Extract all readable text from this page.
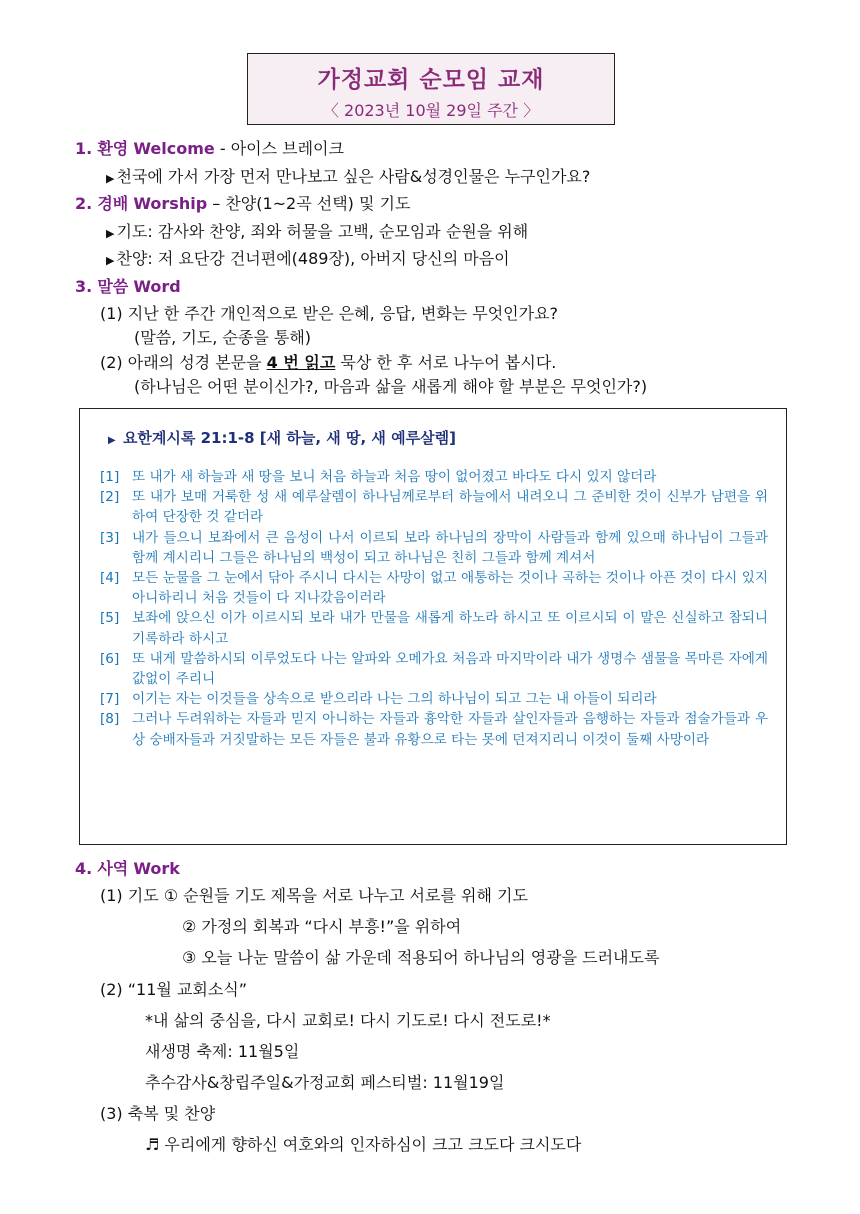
가정교회 순모임 교재
〈 2023년 10월 29일 주간 〉
1. 환영 Welcome - 아이스 브레이크
▶ 천국에 가서 가장 먼저 만나보고 싶은 사람&성경인물은 누구인가요?
2. 경배 Worship – 찬양(1~2곡 선택) 및 기도
▶ 기도: 감사와 찬양, 죄와 허물을 고백, 순모임과 순원을 위해
▶ 찬양: 저 요단강 건너편에(489장), 아버지 당신의 마음이
3. 말씀 Word
(1) 지난 한 주간 개인적으로 받은 은혜, 응답, 변화는 무엇인가요?
(말씀, 기도, 순종을 통해)
(2) 아래의 성경 본문을 4 번 읽고 묵상 한 후 서로 나누어 봅시다.
(하나님은 어떤 분이신가?, 마음과 삶을 새롭게 해야 할 부분은 무엇인가?)
▶ 요한계시록 21:1-8 [새 하늘, 새 땅, 새 예루살렘]
[1] 또 내가 새 하늘과 새 땅을 보니 처음 하늘과 처음 땅이 없어졌고 바다도 다시 있지 않더라
[2] 또 내가 보매 거룩한 성 새 예루살렘이 하나님께로부터 하늘에서 내려오니 그 준비한 것이 신부가 남편을 위하여 단장한 것 같더라
[3] 내가 들으니 보좌에서 큰 음성이 나서 이르되 보라 하나님의 장막이 사람들과 함께 있으매 하나님이 그들과 함께 계시리니 그들은 하나님의 백성이 되고 하나님은 친히 그들과 함께 계셔서
[4] 모든 눈물을 그 눈에서 닦아 주시니 다시는 사망이 없고 애통하는 것이나 곡하는 것이나 아픈 것이 다시 있지 아니하리니 처음 것들이 다 지나갔음이러라
[5] 보좌에 앉으신 이가 이르시되 보라 내가 만물을 새롭게 하노라 하시고 또 이르시되 이 말은 신실하고 참되니 기록하라 하시고
[6] 또 내게 말씀하시되 이루었도다 나는 알파와 오메가요 처음과 마지막이라 내가 생명수 샘물을 목마른 자에게 값없이 주리니
[7] 이기는 자는 이것들을 상속으로 받으리라 나는 그의 하나님이 되고 그는 내 아들이 되리라
[8] 그러나 두려워하는 자들과 믿지 아니하는 자들과 흉악한 자들과 살인자들과 음행하는 자들과 점술가들과 우상 숭배자들과 거짓말하는 모든 자들은 불과 유황으로 타는 못에 던져지리니 이것이 둘째 사망이라
4. 사역 Work
(1) 기도 ① 순원들 기도 제목을 서로 나누고 서로를 위해 기도
② 가정의 회복과 “다시 부흥!”을 위하여
③ 오늘 나눈 말씀이 삶 가운데 적용되어 하나님의 영광을 드러내도록
(2) “11월 교회소식”
*내 삶의 중심을, 다시 교회로! 다시 기도로! 다시 전도로!*
새생명 축제: 11월5일
추수감사&창립주일&가정교회 페스티벌: 11월19일
(3) 축복 및 찬양
♬ 우리에게 향하신 여호와의 인자하심이 크고 크도다 크시도다
